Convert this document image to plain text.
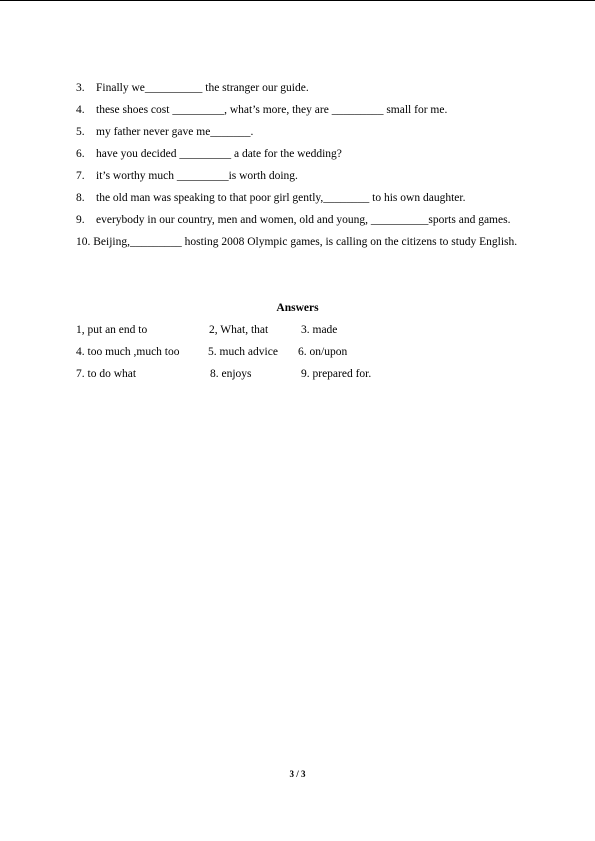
3. Finally we__________ the stranger our guide.
4. these shoes cost _________, what’s more, they are _________ small for me.
5. my father never gave me_______.
6. have you decided _________ a date for the wedding?
7. it’s worthy much _________is worth doing.
8. the old man was speaking to that poor girl gently,________ to his own daughter.
9. everybody in our country, men and women, old and young, __________sports and games.
10. Beijing,_________ hosting 2008 Olympic games, is calling on the citizens to study English.
Answers
1, put an end to	2, What, that	3. made
4. too much ,much too 5. much advice 6. on/upon
7. to do what	8. enjoys	9. prepared for.
3 / 3
